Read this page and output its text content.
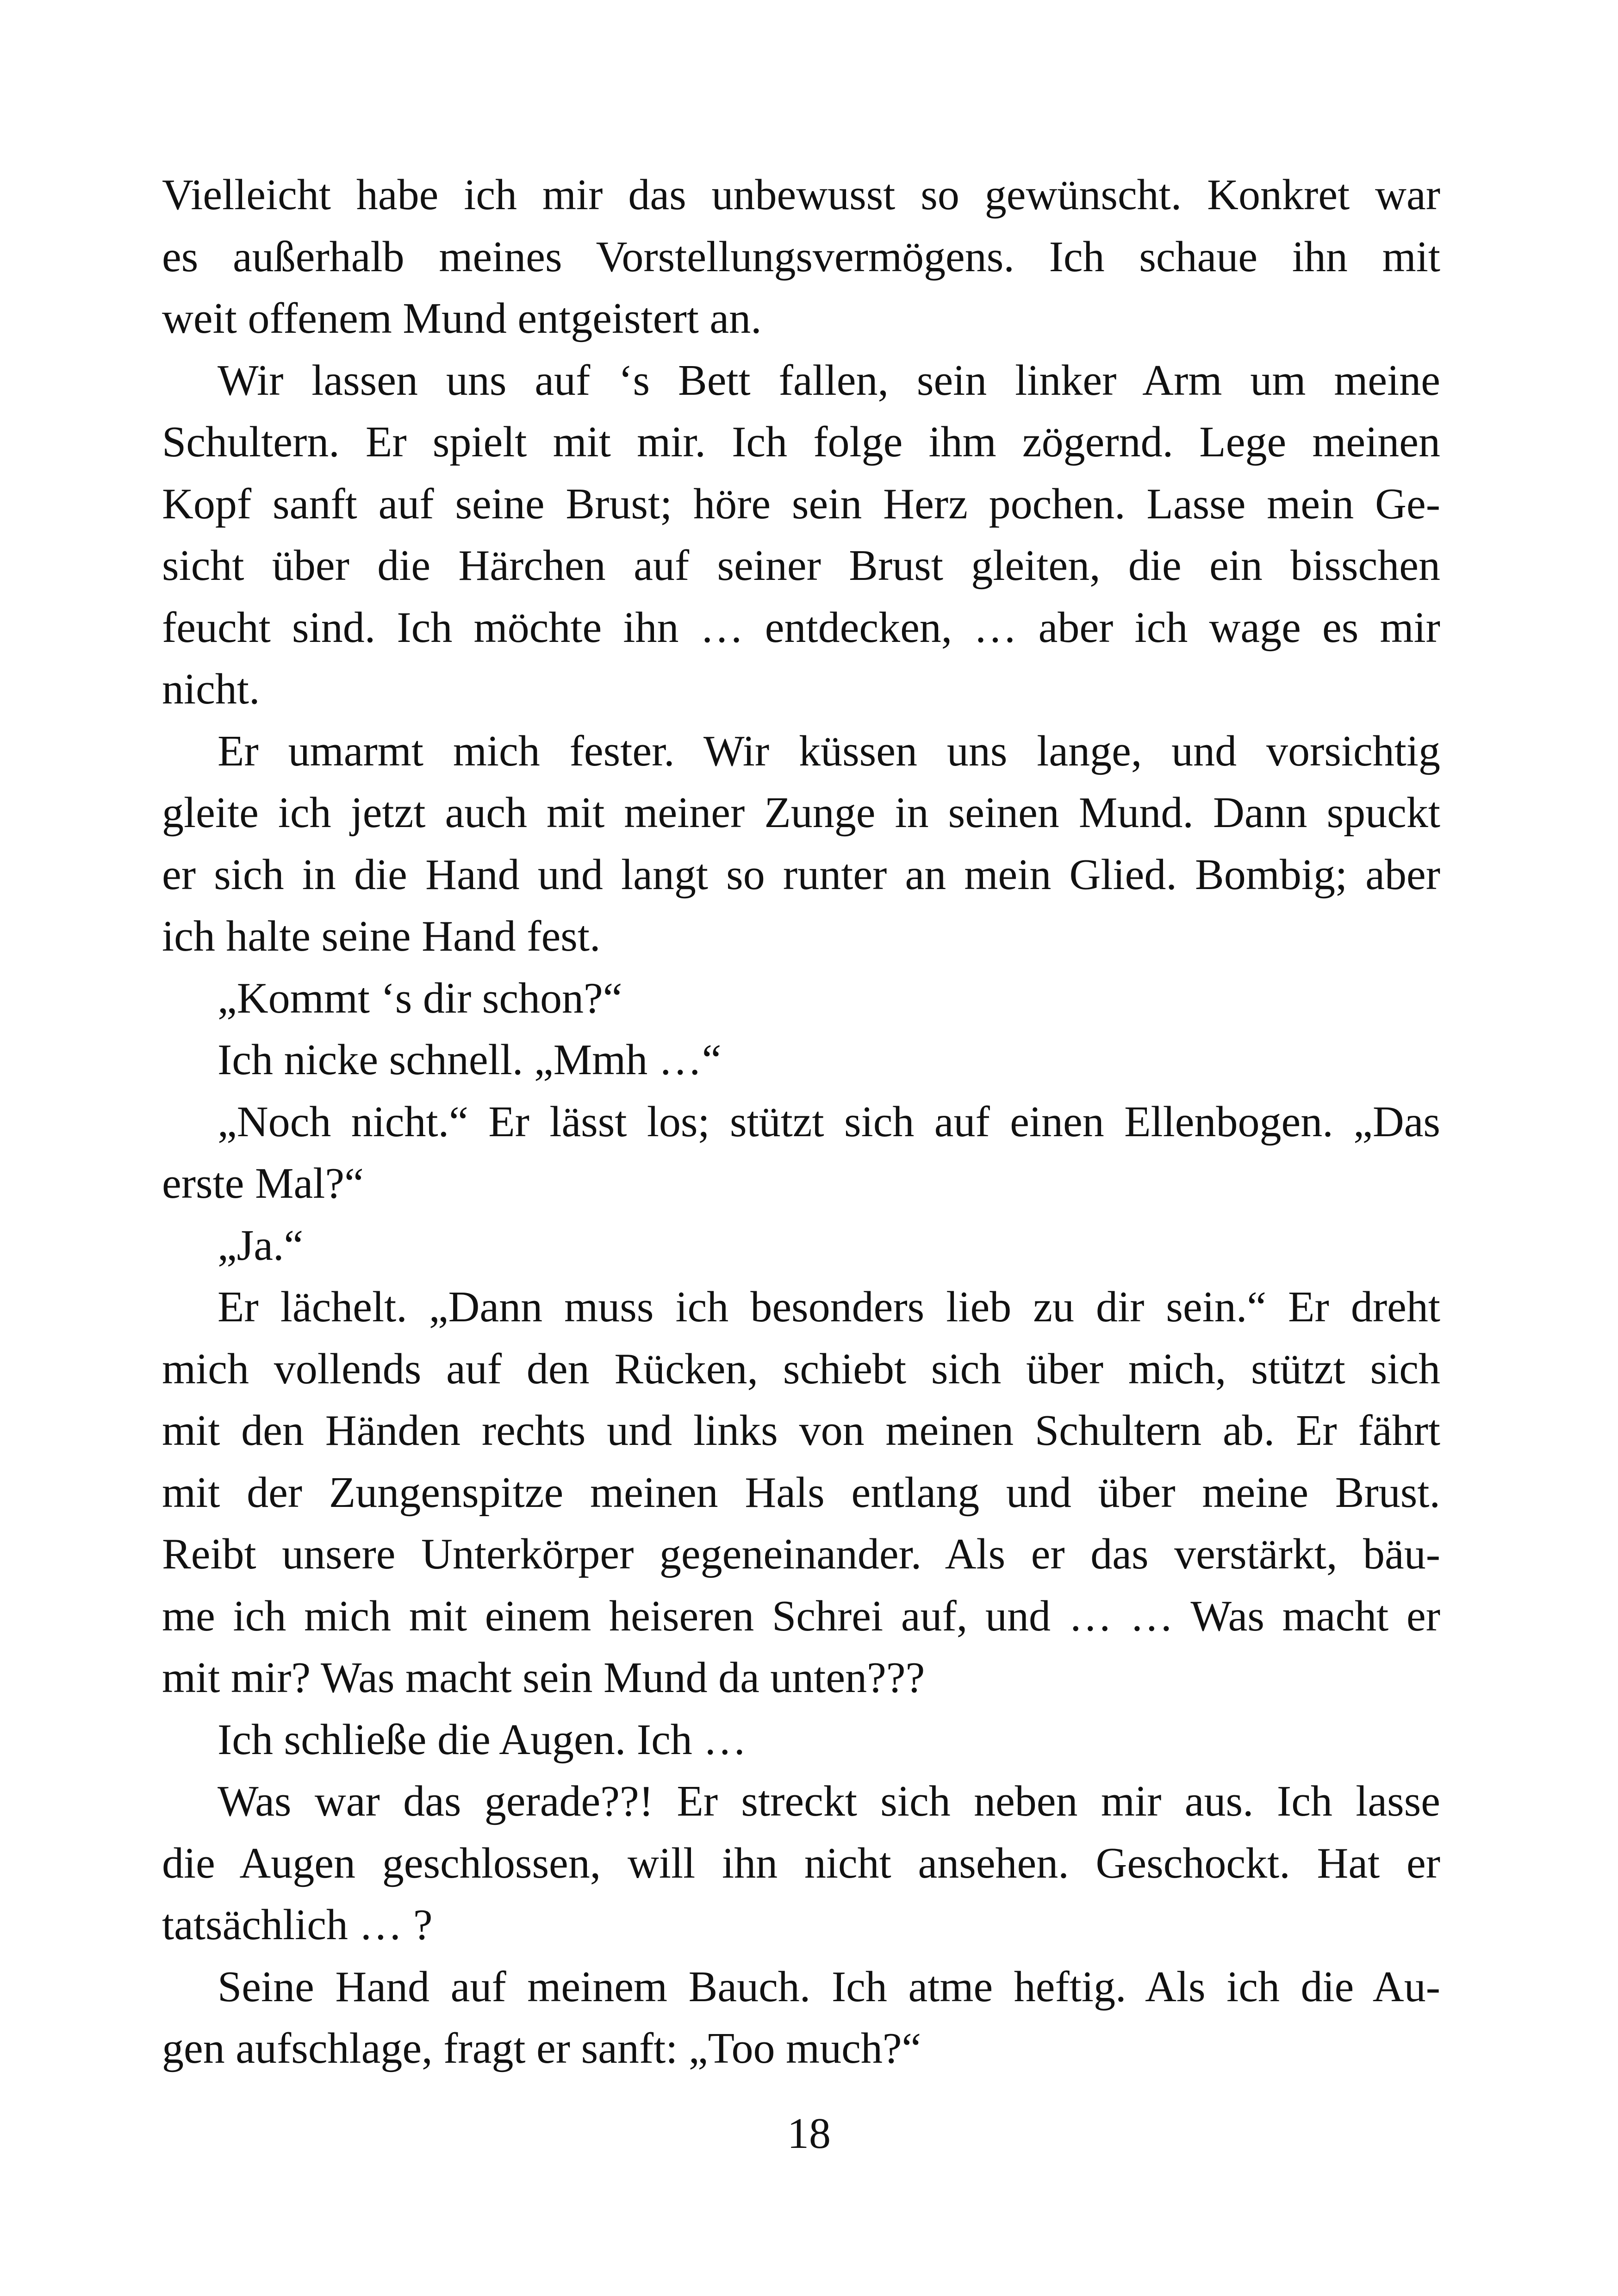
Vielleicht habe ich mir das unbewusst so gewünscht. Konkret war
es außerhalb meines Vorstellungsvermögens. Ich schaue ihn mit
weit offenem Mund entgeistert an.
Wir lassen uns auf ‘s Bett fallen, sein linker Arm um meine
Schultern. Er spielt mit mir. Ich folge ihm zögernd. Lege meinen
Kopf sanft auf seine Brust; höre sein Herz pochen. Lasse mein Ge-
sicht über die Härchen auf seiner Brust gleiten, die ein bisschen
feucht sind. Ich möchte ihn … entdecken, … aber ich wage es mir
nicht.
Er umarmt mich fester. Wir küssen uns lange, und vorsichtig
gleite ich jetzt auch mit meiner Zunge in seinen Mund. Dann spuckt
er sich in die Hand und langt so runter an mein Glied. Bombig; aber
ich halte seine Hand fest.
„Kommt ‘s dir schon?“
Ich nicke schnell. „Mmh …“
„Noch nicht.“ Er lässt los; stützt sich auf einen Ellenbogen. „Das
erste Mal?“
„Ja.“
Er lächelt. „Dann muss ich besonders lieb zu dir sein.“ Er dreht
mich vollends auf den Rücken, schiebt sich über mich, stützt sich
mit den Händen rechts und links von meinen Schultern ab. Er fährt
mit der Zungenspitze meinen Hals entlang und über meine Brust.
Reibt unsere Unterkörper gegeneinander. Als er das verstärkt, bäu-
me ich mich mit einem heiseren Schrei auf, und … … Was macht er
mit mir? Was macht sein Mund da unten???
Ich schließe die Augen. Ich …
Was war das gerade??! Er streckt sich neben mir aus. Ich lasse
die Augen geschlossen, will ihn nicht ansehen. Geschockt. Hat er
tatsächlich … ?
Seine Hand auf meinem Bauch. Ich atme heftig. Als ich die Au-
gen aufschlage, fragt er sanft: „Too much?“
18
